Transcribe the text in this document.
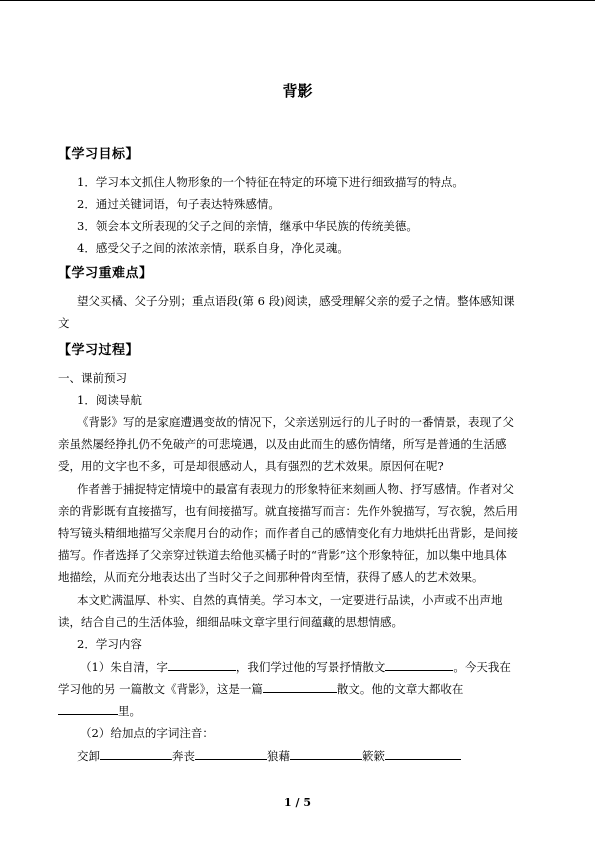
背影
【学习目标】
1．学习本文抓住人物形象的一个特征在特定的环境下进行细致描写的特点。
2．通过关键词语，句子表达特殊感情。
3．领会本文所表现的父子之间的亲情，继承中华民族的传统美德。
4．感受父子之间的浓浓亲情，联系自身，净化灵魂。
【学习重难点】
望父买橘、父子分别；重点语段(第 6 段)阅读，感受理解父亲的爱子之情。整体感知课
文
【学习过程】
一、课前预习
1．阅读导航
《背影》写的是家庭遭遇变故的情况下，父亲送别远行的儿子时的一番情景，表现了父
亲虽然屡经挣扎仍不免破产的可悲境遇，以及由此而生的感伤情绪，所写是普通的生活感
受，用的文字也不多，可是却很感动人，具有强烈的艺术效果。原因何在呢?
作者善于捕捉特定情境中的最富有表现力的形象特征来刻画人物、抒写感情。作者对父
亲的背影既有直接描写，也有间接描写。就直接描写而言：先作外貌描写，写衣貌，然后用
特写镜头精细地描写父亲爬月台的动作；而作者自己的感情变化有力地烘托出背影，是间接
描写。作者选择了父亲穿过铁道去给他买橘子时的“背影”这个形象特征，加以集中地具体
地描绘，从而充分地表达出了当时父子之间那种骨肉至情，获得了感人的艺术效果。
本文贮满温厚、朴实、自然的真情美。学习本文，一定要进行品读，小声或不出声地
读，结合自己的生活体验，细细品味文章字里行间蕴藏的思想情感。
2．学习内容
（1）朱自清，字	，我们学过他的写景抒情散文	。今天我在
学习他的另 一篇散文《背影》，这是一篇	散文。他的文章大都收在
里。
（2）给加点的字词注音：
交卸	奔丧	狼藉	簌簌
1 / 5
